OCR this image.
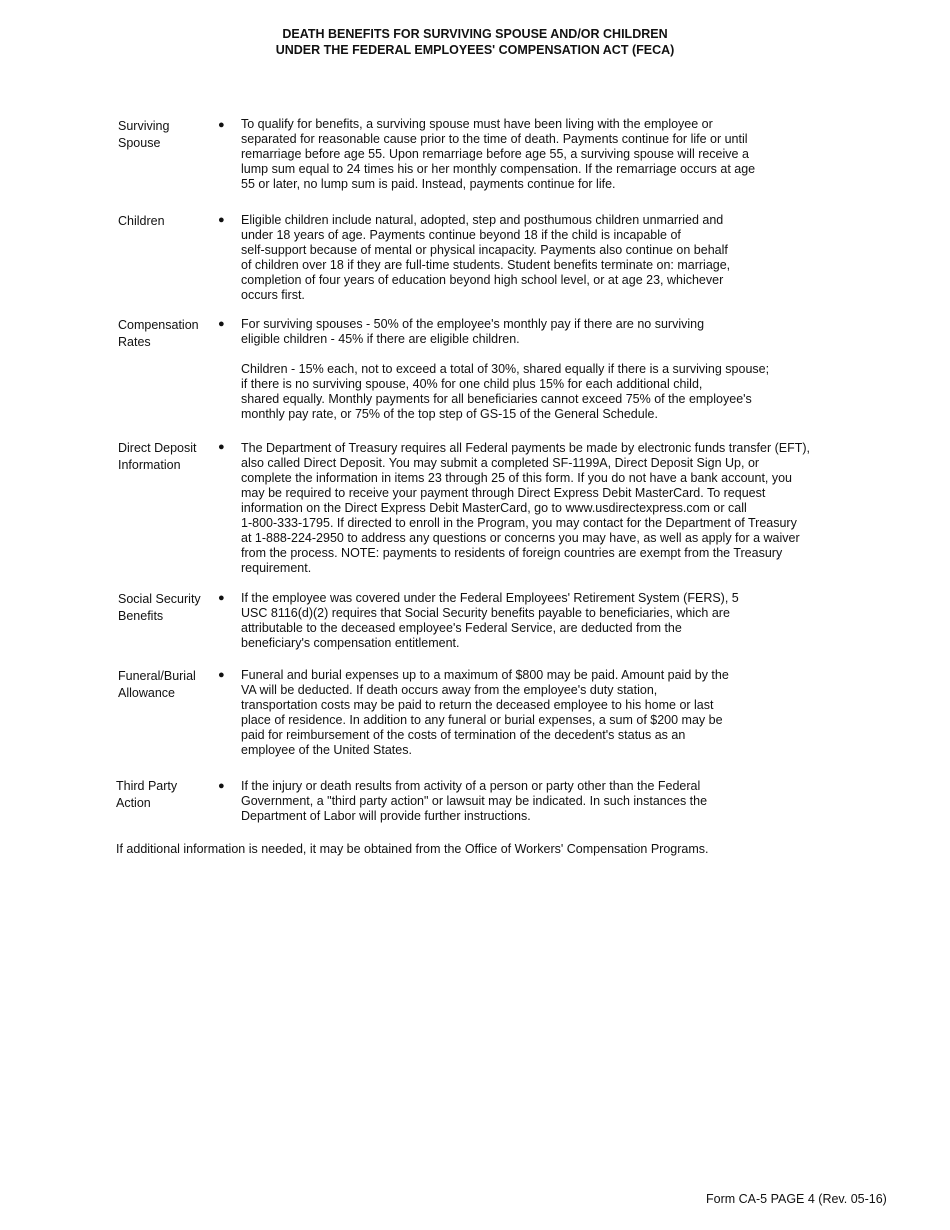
DEATH BENEFITS FOR SURVIVING SPOUSE AND/OR CHILDREN
UNDER THE FEDERAL EMPLOYEES' COMPENSATION ACT (FECA)
Surviving
Spouse
● To qualify for benefits, a surviving spouse must have been living with the employee or
separated for reasonable cause prior to the time of death. Payments continue for life or until
remarriage before age 55. Upon remarriage before age 55, a surviving spouse will receive a
lump sum equal to 24 times his or her monthly compensation. If the remarriage occurs at age
55 or later, no lump sum is paid. Instead, payments continue for life.
Children	● Eligible children include natural, adopted, step and posthumous children unmarried and
under 18 years of age. Payments continue beyond 18 if the child is incapable of
self-support because of mental or physical incapacity. Payments also continue on behalf
of children over 18 if they are full-time students. Student benefits terminate on: marriage,
completion of four years of education beyond high school level, or at age 23, whichever
occurs first.
Compensation
Rates
● For surviving spouses - 50% of the employee's monthly pay if there are no surviving
eligible children - 45% if there are eligible children.
Children - 15% each, not to exceed a total of 30%, shared equally if there is a surviving spouse;
if there is no surviving spouse, 40% for one child plus 15% for each additional child,
shared equally. Monthly payments for all beneficiaries cannot exceed 75% of the employee's
monthly pay rate, or 75% of the top step of GS-15 of the General Schedule.
Direct Deposit
Information
● The Department of Treasury requires all Federal payments be made by electronic funds transfer (EFT),
also called Direct Deposit. You may submit a completed SF-1199A, Direct Deposit Sign Up, or
complete the information in items 23 through 25 of this form. If you do not have a bank account, you
may be required to receive your payment through Direct Express Debit MasterCard. To request
information on the Direct Express Debit MasterCard, go to www.usdirectexpress.com or call
1-800-333-1795. If directed to enroll in the Program, you may contact for the Department of Treasury
at 1-888-224-2950 to address any questions or concerns you may have, as well as apply for a waiver
from the process. NOTE: payments to residents of foreign countries are exempt from the Treasury
requirement.
Social Security
Benefits
● If the employee was covered under the Federal Employees' Retirement System (FERS), 5
USC 8116(d)(2) requires that Social Security benefits payable to beneficiaries, which are
attributable to the deceased employee's Federal Service, are deducted from the
beneficiary's compensation entitlement.
Funeral/Burial
Allowance
● Funeral and burial expenses up to a maximum of $800 may be paid. Amount paid by the
VA will be deducted. If death occurs away from the employee's duty station,
transportation costs may be paid to return the deceased employee to his home or last
place of residence. In addition to any funeral or burial expenses, a sum of $200 may be
paid for reimbursement of the costs of termination of the decedent's status as an
employee of the United States.
Third Party
Action
● If the injury or death results from activity of a person or party other than the Federal
Government, a "third party action" or lawsuit may be indicated. In such instances the
Department of Labor will provide further instructions.
If additional information is needed, it may be obtained from the Office of Workers' Compensation Programs.
Form CA-5 PAGE 4 (Rev. 05-16)
